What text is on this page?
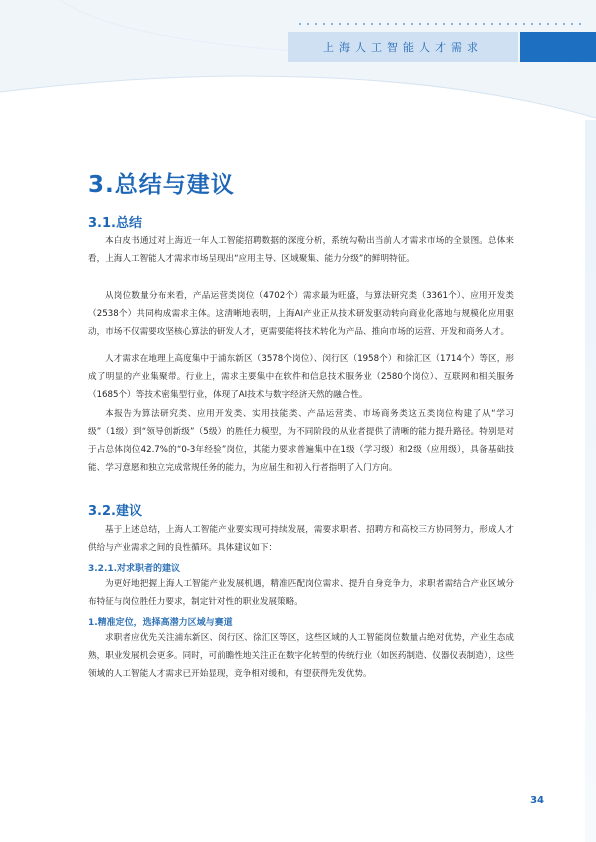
上海人工智能人才需求
3.总结与建议
3.1.总结

本白皮书通过对上海近一年人工智能招聘数据的深度分析，系统勾勒出当前人才需求市场的全景图。总体来看，上海人工智能人才需求市场呈现出“应用主导、区域聚集、能力分级”的鲜明特征。

从岗位数量分布来看，产品运营类岗位（4702个）需求最为旺盛，与算法研究类（3361个）、应用开发类（2538个）共同构成需求主体。这清晰地表明，上海AI产业正从技术研发驱动转向商业化落地与规模化应用驱动，市场不仅需要攻坚核心算法的研发人才，更需要能将技术转化为产品、推向市场的运营、开发和商务人才。

人才需求在地理上高度集中于浦东新区（3578个岗位）、闵行区（1958个）和徐汇区（1714个）等区，形成了明显的产业集聚带。行业上，需求主要集中在软件和信息技术服务业（2580个岗位）、互联网和相关服务（1685个）等技术密集型行业，体现了AI技术与数字经济天然的融合性。

本报告为算法研究类、应用开发类、实用技能类、产品运营类、市场商务类这五类岗位构建了从“学习级”（1级）到“领导创新级”（5级）的胜任力模型，为不同阶段的从业者提供了清晰的能力提升路径。特别是对于占总体岗位42.7%的“0-3年经验”岗位，其能力要求普遍集中在1级（学习级）和2级（应用级），具备基础技能、学习意愿和独立完成常规任务的能力，为应届生和初入行者指明了入门方向。

3.2.建议

基于上述总结，上海人工智能产业要实现可持续发展，需要求职者、招聘方和高校三方协同努力，形成人才供给与产业需求之间的良性循环。具体建议如下：

3.2.1.对求职者的建议

为更好地把握上海人工智能产业发展机遇，精准匹配岗位需求、提升自身竞争力，求职者需结合产业区域分布特征与岗位胜任力要求，制定针对性的职业发展策略。

1.精准定位，选择高潜力区域与赛道

求职者应优先关注浦东新区、闵行区、徐汇区等区，这些区域的人工智能岗位数量占绝对优势，产业生态成熟，职业发展机会更多。同时，可前瞻性地关注正在数字化转型的传统行业（如医药制造、仪器仪表制造），这些领域的人工智能人才需求已开始显现，竞争相对缓和，有望获得先发优势。

34
